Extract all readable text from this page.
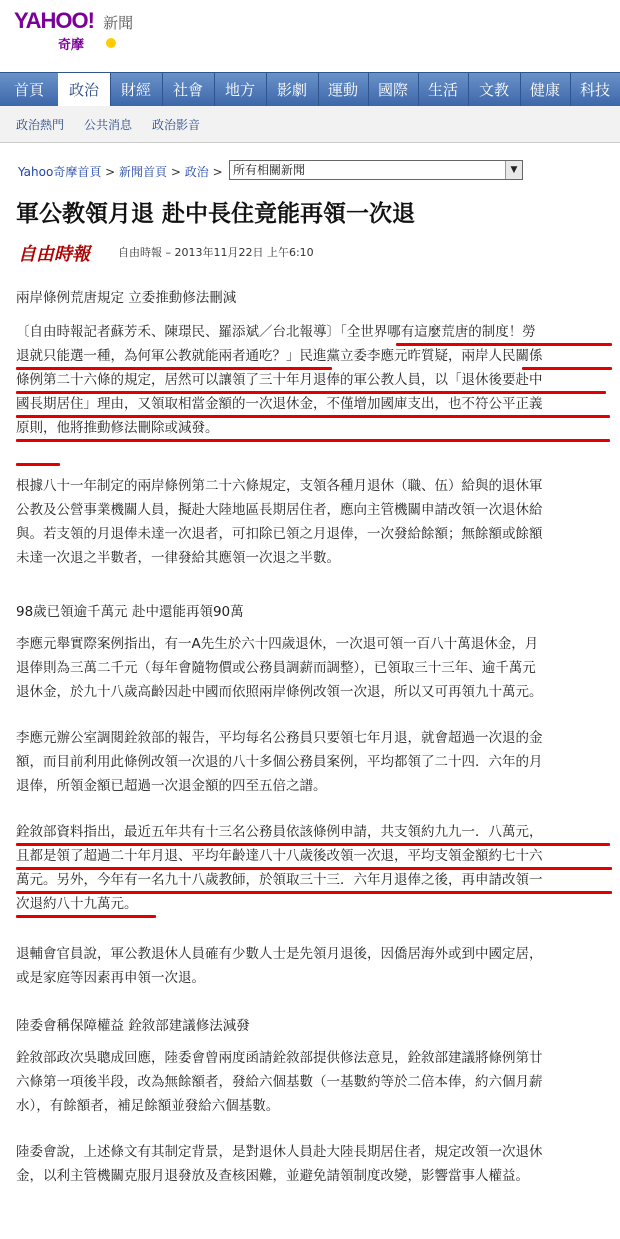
YAHOO! 新聞
奇摩
首頁	政治	財經	社會	地方	影劇	運動	國際	生活	文教	健康	科技
政治熱門 公共消息 政治影音
Yahoo奇摩首頁 > 新聞首頁 > 政治 > 所有相關新聞	▼
軍公教領月退 赴中長住竟能再領一次退
自由時報	自由時報 – 2013年11月22日 上午6:10

兩岸條例荒唐規定 立委推動修法刪減

〔自由時報記者蘇芳禾、陳璟民、羅添斌／台北報導〕「全世界哪有這麼荒唐的制度！勞
退就只能選一種，為何軍公教就能兩者通吃？」民進黨立委李應元昨質疑，兩岸人民關係
條例第二十六條的規定，居然可以讓領了三十年月退俸的軍公教人員，以「退休後要赴中
國長期居住」理由，又領取相當金額的一次退休金，不僅增加國庫支出，也不符公平正義
原則，他將推動修法刪除或減發。

根據八十一年制定的兩岸條例第二十六條規定，支領各種月退休（職、伍）給與的退休軍
公教及公營事業機關人員，擬赴大陸地區長期居住者，應向主管機關申請改領一次退休給
與。若支領的月退俸未達一次退者，可扣除已領之月退俸，一次發給餘額；無餘額或餘額
未達一次退之半數者，一律發給其應領一次退之半數。

98歲已領逾千萬元 赴中還能再領90萬

李應元舉實際案例指出，有一A先生於六十四歲退休，一次退可領一百八十萬退休金，月
退俸則為三萬二千元（每年會隨物價或公務員調薪而調整），已領取三十三年、逾千萬元
退休金，於九十八歲高齡因赴中國而依照兩岸條例改領一次退，所以又可再領九十萬元。

李應元辦公室調閱銓敘部的報告，平均每名公務員只要領七年月退，就會超過一次退的金
額，而目前利用此條例改領一次退的八十多個公務員案例，平均都領了二十四．六年的月
退俸，所領金額已超過一次退金額的四至五倍之譜。

銓敘部資料指出，最近五年共有十三名公務員依該條例申請，共支領約九九一．八萬元，
且都是領了超過二十年月退、平均年齡達八十八歲後改領一次退，平均支領金額約七十六
萬元。另外，今年有一名九十八歲教師，於領取三十三．六年月退俸之後，再申請改領一
次退約八十九萬元。

退輔會官員說，軍公教退休人員確有少數人士是先領月退後，因僑居海外或到中國定居，
或是家庭等因素再申領一次退。

陸委會稱保障權益 銓敘部建議修法減發

銓敘部政次吳聰成回應，陸委會曾兩度函請銓敘部提供修法意見，銓敘部建議將條例第廿
六條第一項後半段，改為無餘額者，發給六個基數（一基數約等於二倍本俸，約六個月薪
水），有餘額者，補足餘額並發給六個基數。

陸委會說，上述條文有其制定背景，是對退休人員赴大陸長期居住者，規定改領一次退休
金，以利主管機關克服月退發放及查核困難，並避免請領制度改變，影響當事人權益。
